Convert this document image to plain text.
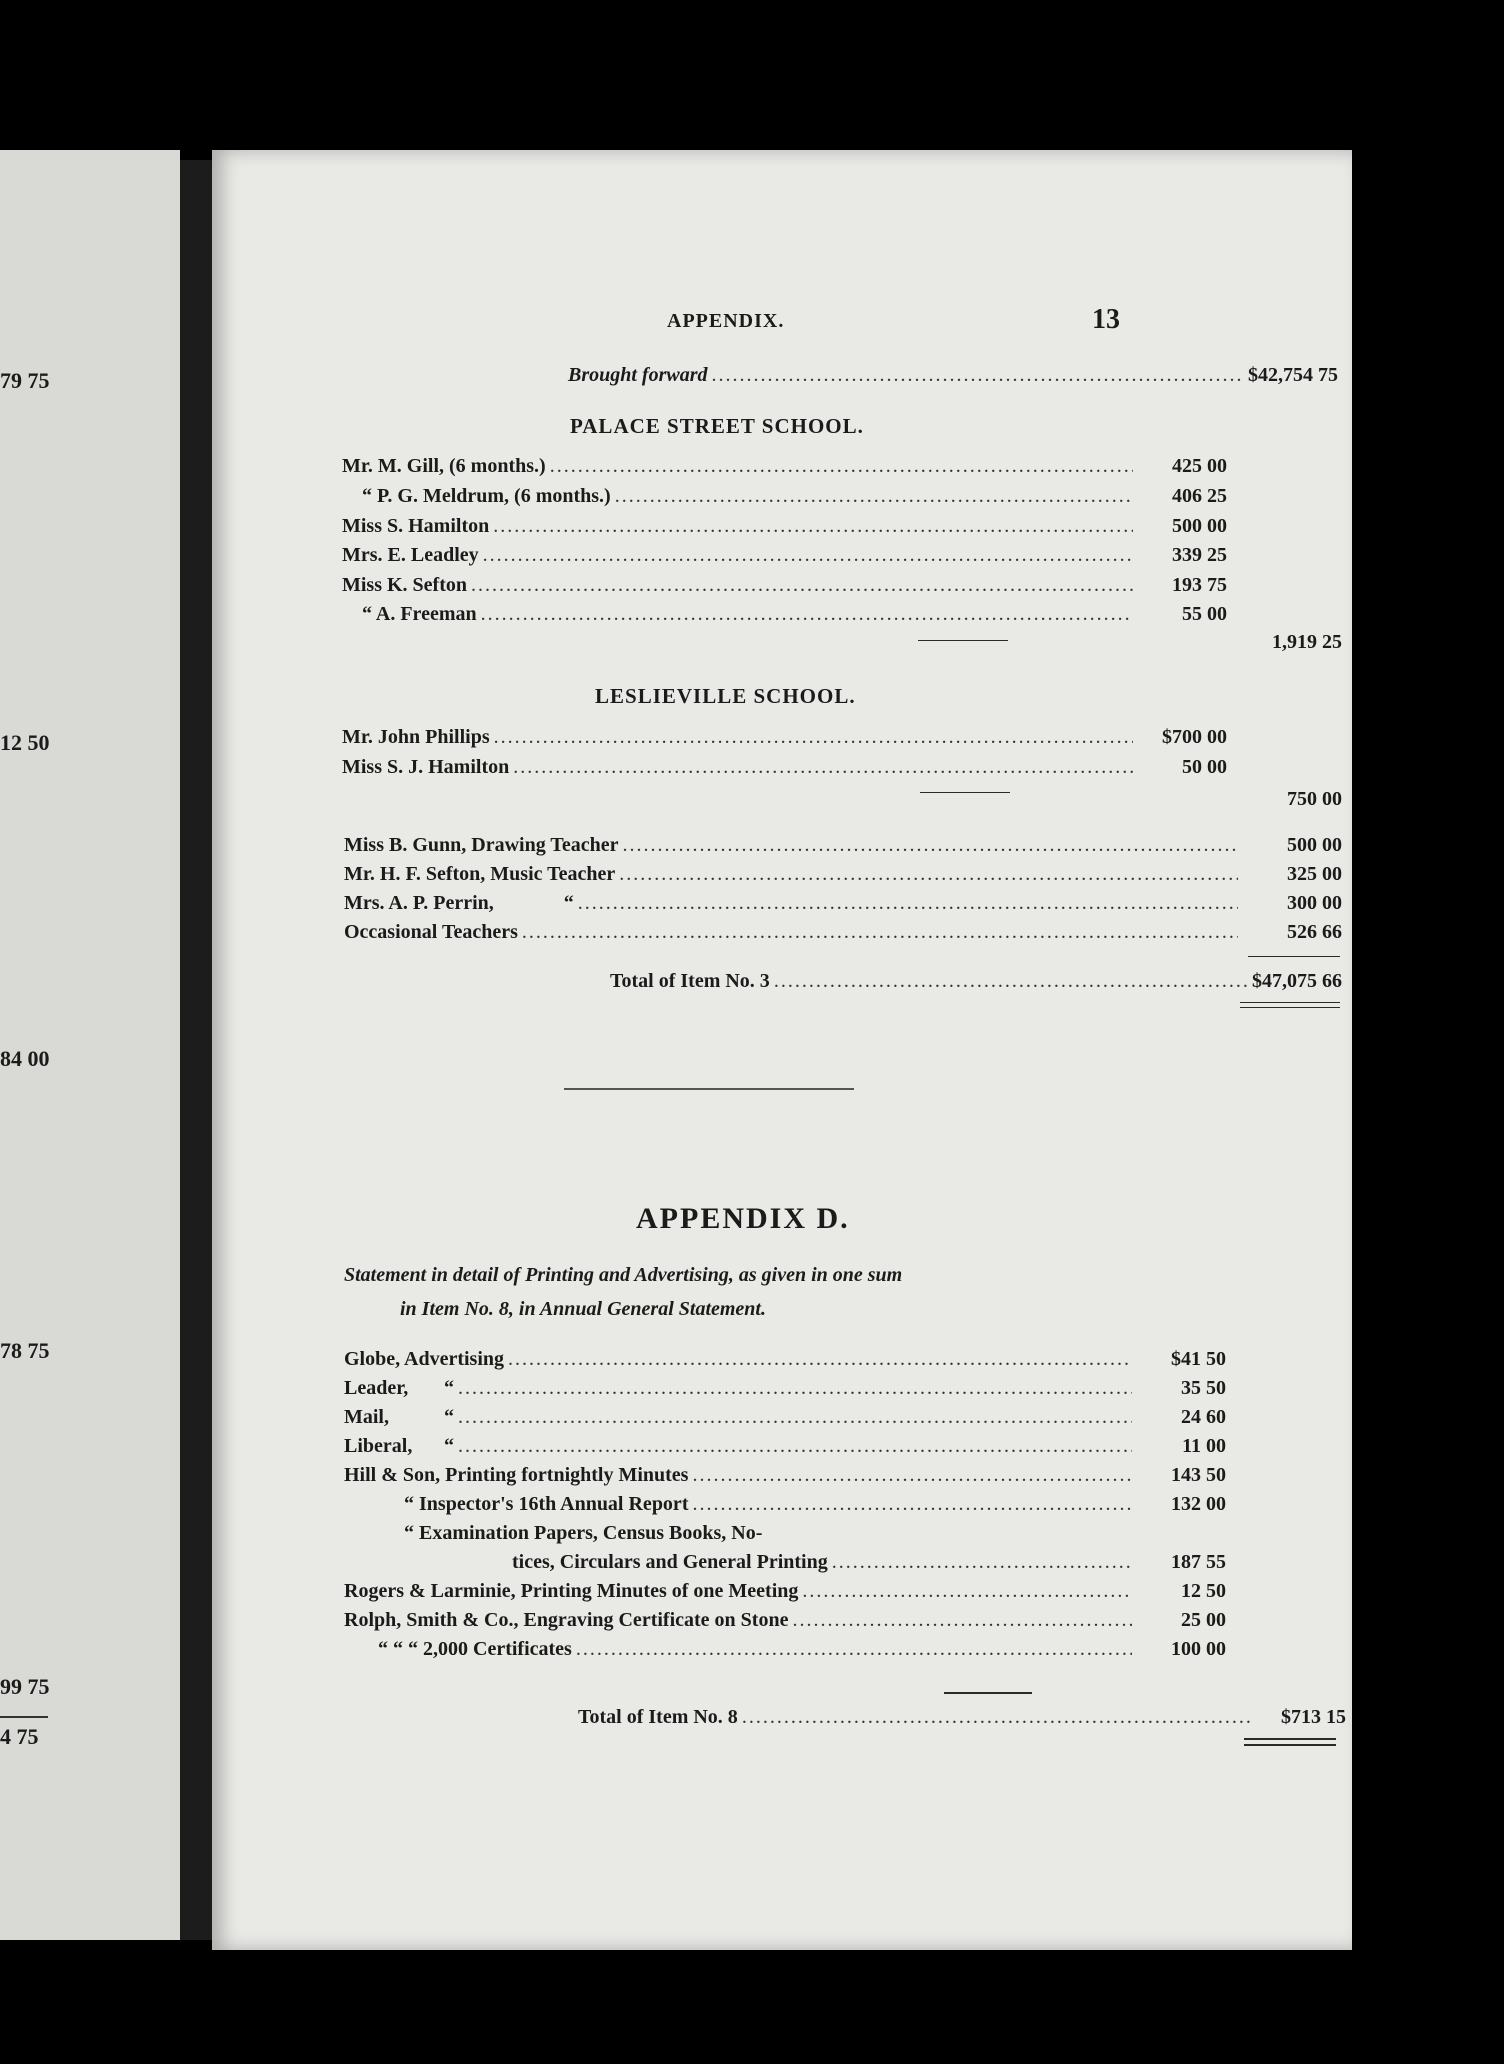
79 75
12 50
84 00
78 75
99 75
4 75
APPENDIX.	13
Brought forward .....	$42,754 75
PALACE STREET SCHOOL.
Mr. M. Gill, (6 months.) .....	425 00
“ P. G. Meldrum, (6 months.) .....	406 25
Miss S. Hamilton .....	500 00
Mrs. E. Leadley .....	339 25
Miss K. Sefton .....	193 75
“ A. Freeman .....	55 00
1,919 25
LESLIEVILLE SCHOOL.
Mr. John Phillips .....	$700 00
Miss S. J. Hamilton .....	50 00
750 00
Miss B. Gunn, Drawing Teacher .....	500 00
Mr. H. F. Sefton, Music Teacher .....	325 00
Mrs. A. P. Perrin,	“ .....	300 00
Occasional Teachers .....	526 66
Total of Item No. 3 .....	$47,075 66
APPENDIX D.
Statement in detail of Printing and Advertising, as given in one sum
in Item No. 8, in Annual General Statement.
Globe, Advertising .....	$41 50
Leader,	“ .....	35 50
Mail,	“ .....	24 60
Liberal,	“ .....	11 00
Hill & Son, Printing fortnightly Minutes .....	143 50
“ Inspector's 16th Annual Report .....	132 00
“ Examination Papers, Census Books, No-
tices, Circulars and General Printing .....	187 55
Rogers & Larminie, Printing Minutes of one Meeting .....	12 50
Rolph, Smith & Co., Engraving Certificate on Stone .....	25 00
“ “ “ 2,000 Certificates .....	100 00
Total of Item No. 8 .....	$713 15
